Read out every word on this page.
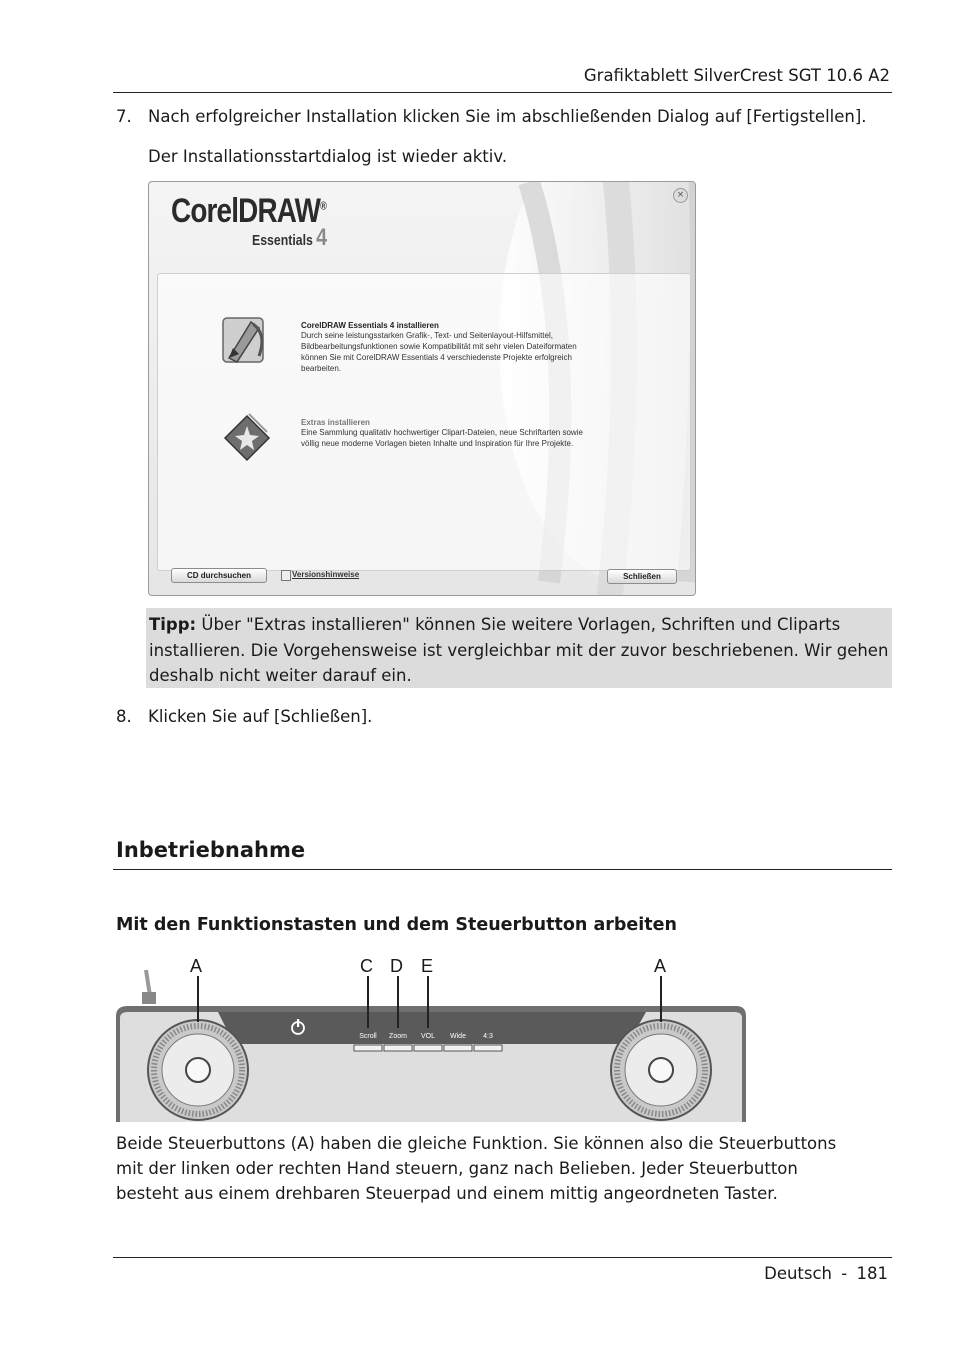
Grafiktablett SilverCrest SGT 10.6 A2
7. Nach erfolgreicher Installation klicken Sie im abschließenden Dialog auf [Fertigstellen].
Der Installationsstartdialog ist wieder aktiv.
CorelDRAW®
Essentials 4
×
CorelDRAW Essentials 4 installieren
Durch seine leistungsstarken Grafik-, Text- und Seitenlayout-Hilfsmittel,
Bildbearbeitungsfunktionen sowie Kompatibilität mit sehr vielen Dateiformaten
können Sie mit CorelDRAW Essentials 4 verschiedenste Projekte erfolgreich
bearbeiten.
Extras installieren
Eine Sammlung qualitativ hochwertiger Clipart-Dateien, neue Schriftarten sowie
völlig neue moderne Vorlagen bieten Inhalte und Inspiration für Ihre Projekte.
CD durchsuchen	Versionshinweise	Schließen
Tipp: Über "Extras installieren" können Sie weitere Vorlagen, Schriften und Cliparts installieren. Die Vorgehensweise ist vergleichbar mit der zuvor beschriebenen. Wir gehen deshalb nicht weiter darauf ein.
8. Klicken Sie auf [Schließen].
Inbetriebnahme
Mit den Funktionstasten und dem Steuerbutton arbeiten
A	C D E	A
Scroll	Zoom	VOL	Wide	4:3
Beide Steuerbuttons (A) haben die gleiche Funktion. Sie können also die Steuerbuttons mit der linken oder rechten Hand steuern, ganz nach Belieben. Jeder Steuerbutton besteht aus einem drehbaren Steuerpad und einem mittig angeordneten Taster.
Deutsch - 181
